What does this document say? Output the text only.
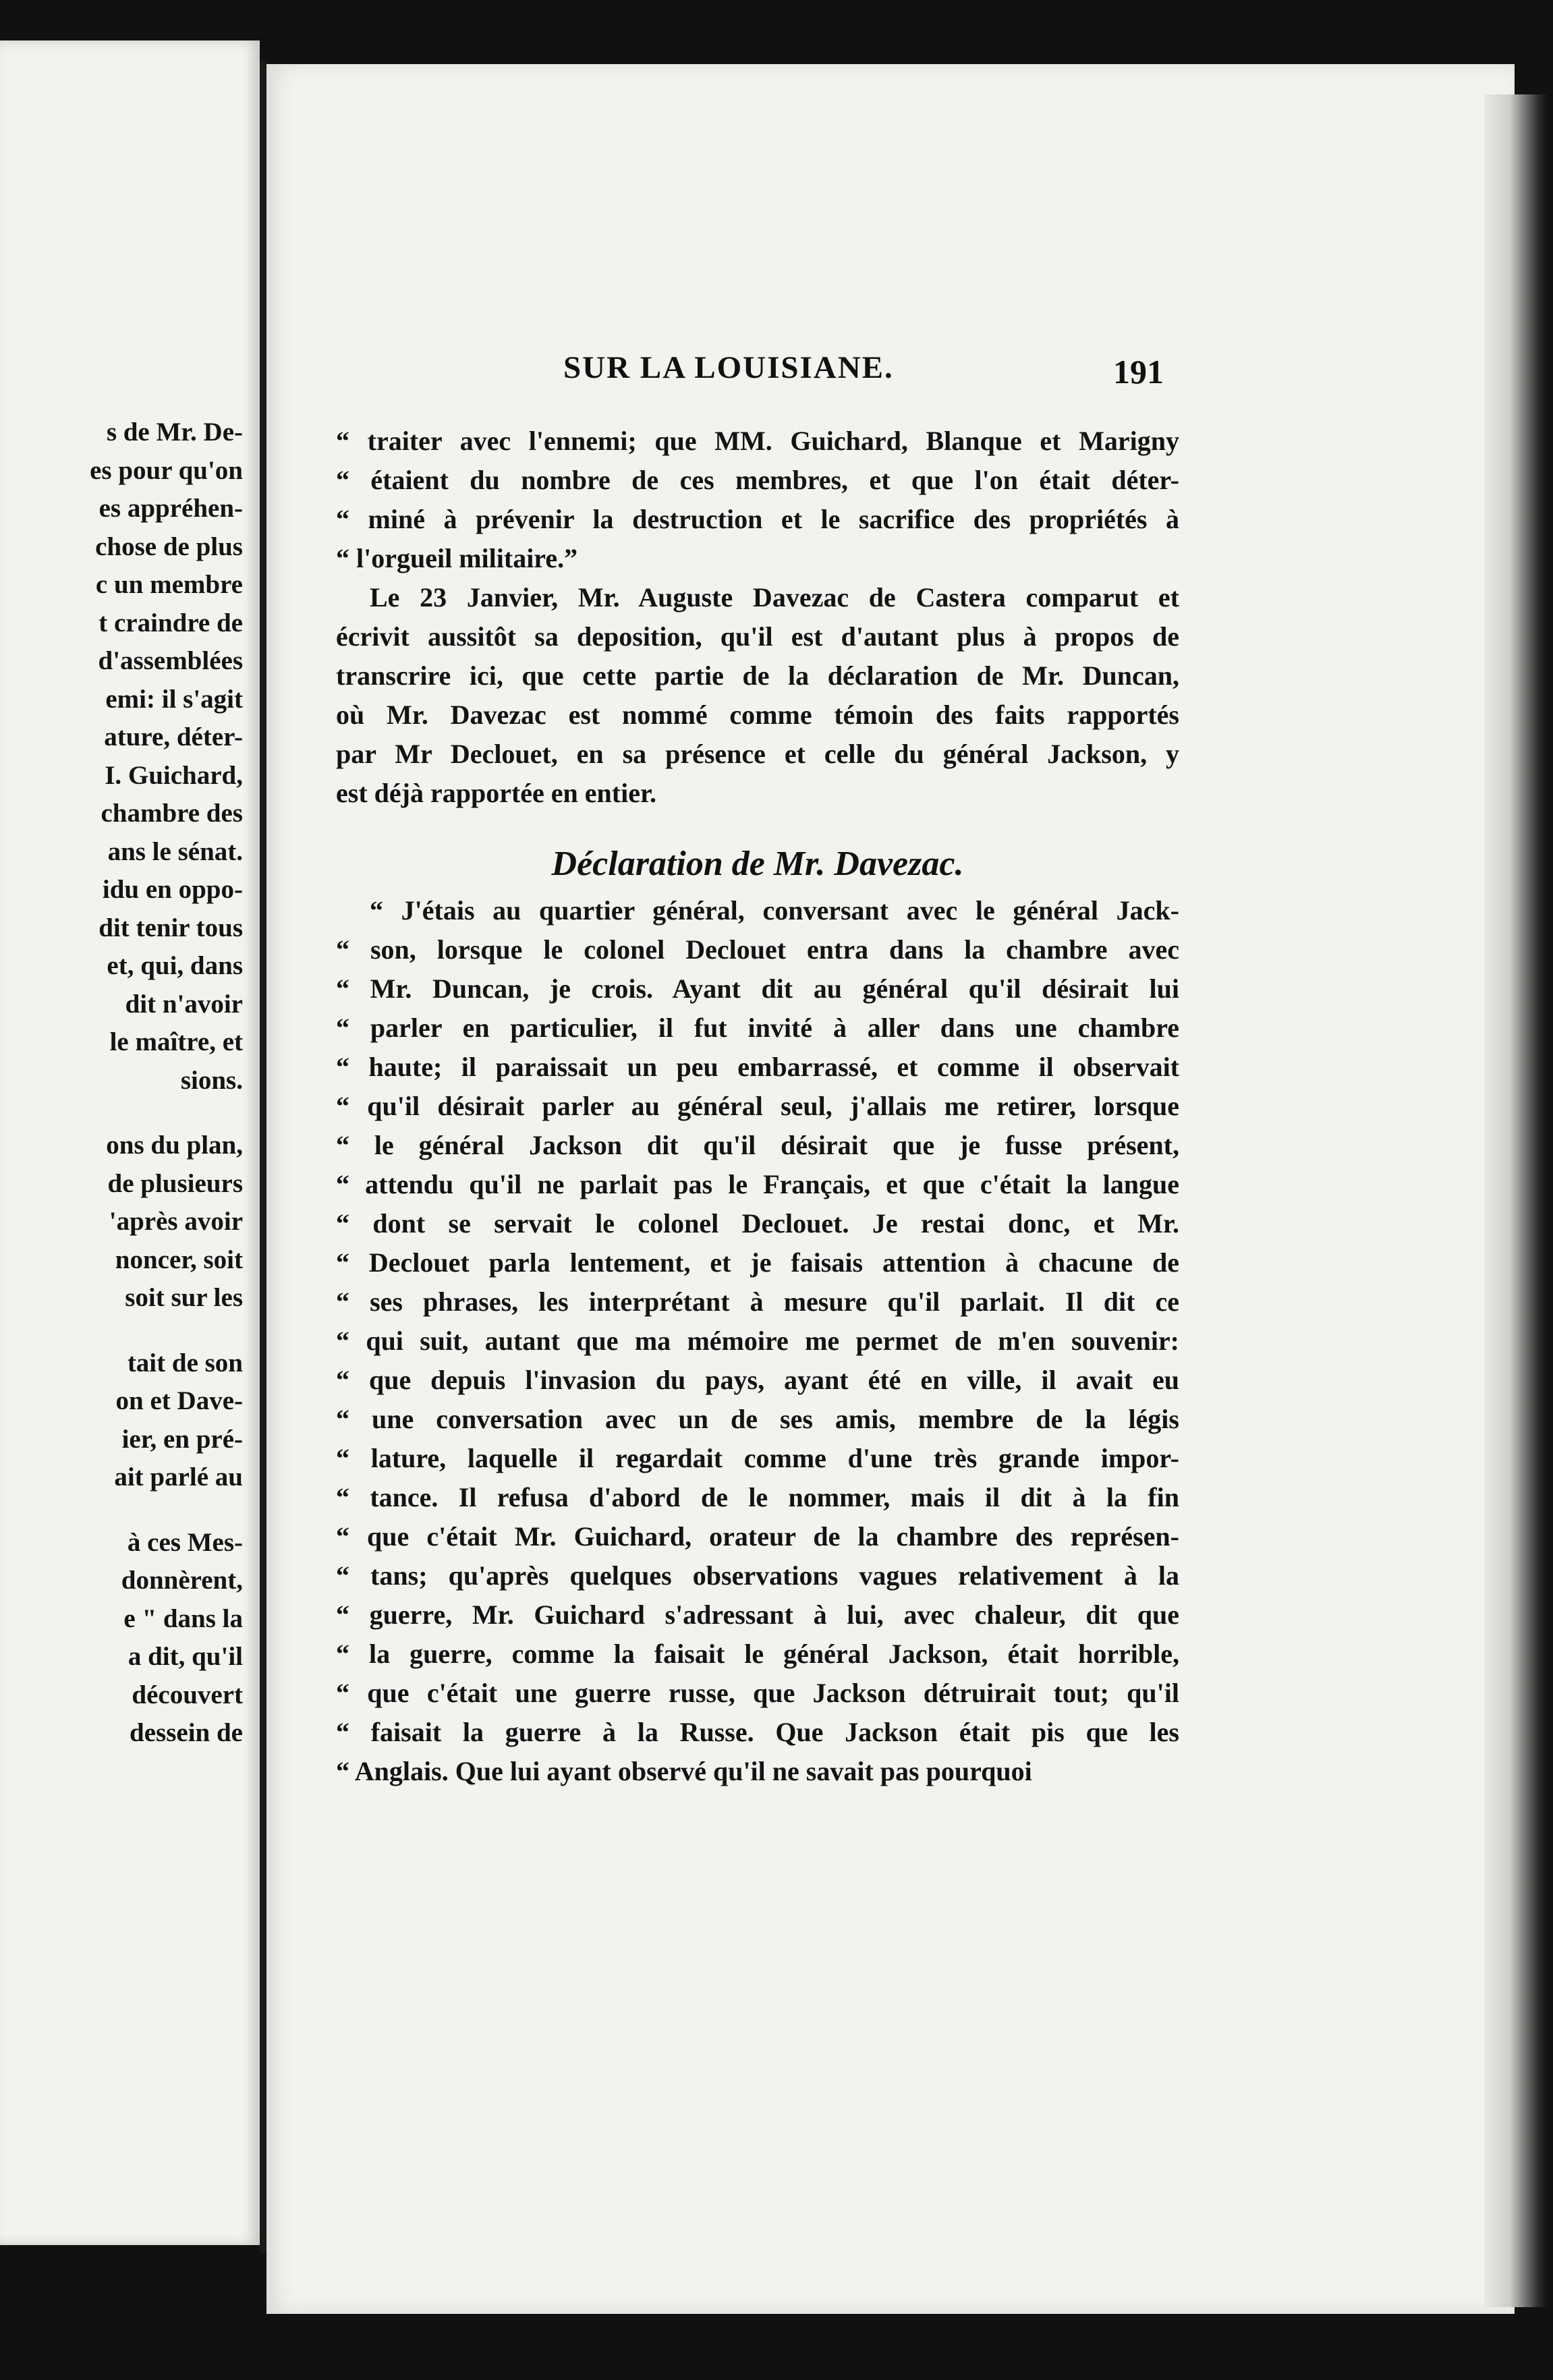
s de Mr. De-
es pour qu'on
es appréhen-
chose de plus
c un membre
t craindre de
d'assemblées
emi: il s'agit
ature, déter-
I. Guichard,
chambre des
ans le sénat.
idu en oppo-
dit tenir tous
et, qui, dans
dit n'avoir
le maître, et
sions.
ons du plan,
de plusieurs
'après avoir
noncer, soit
soit sur les
tait de son
on et Dave-
ier, en pré-
ait parlé au
à ces Mes-
donnèrent,
e " dans la
a dit, qu'il
découvert
dessein de
SUR LA LOUISIANE.	191
“ traiter avec l'ennemi; que MM. Guichard, Blanque et Marigny
“ étaient du nombre de ces membres, et que l'on était déter-
“ miné à prévenir la destruction et le sacrifice des propriétés à
“ l'orgueil militaire.”
Le 23 Janvier, Mr. Auguste Davezac de Castera comparut et
écrivit aussitôt sa deposition, qu'il est d'autant plus à propos de
transcrire ici, que cette partie de la déclaration de Mr. Duncan,
où Mr. Davezac est nommé comme témoin des faits rapportés
par Mr Declouet, en sa présence et celle du général Jackson, y
est déjà rapportée en entier.
Déclaration de Mr. Davezac.
“ J'étais au quartier général, conversant avec le général Jack-
“ son, lorsque le colonel Declouet entra dans la chambre avec
“ Mr. Duncan, je crois. Ayant dit au général qu'il désirait lui
“ parler en particulier, il fut invité à aller dans une chambre
“ haute; il paraissait un peu embarrassé, et comme il observait
“ qu'il désirait parler au général seul, j'allais me retirer, lorsque
“ le général Jackson dit qu'il désirait que je fusse présent,
“ attendu qu'il ne parlait pas le Français, et que c'était la langue
“ dont se servait le colonel Declouet. Je restai donc, et Mr.
“ Declouet parla lentement, et je faisais attention à chacune de
“ ses phrases, les interprétant à mesure qu'il parlait. Il dit ce
“ qui suit, autant que ma mémoire me permet de m'en souvenir:
“ que depuis l'invasion du pays, ayant été en ville, il avait eu
“ une conversation avec un de ses amis, membre de la légis
“ lature, laquelle il regardait comme d'une très grande impor-
“ tance. Il refusa d'abord de le nommer, mais il dit à la fin
“ que c'était Mr. Guichard, orateur de la chambre des représen-
“ tans; qu'après quelques observations vagues relativement à la
“ guerre, Mr. Guichard s'adressant à lui, avec chaleur, dit que
“ la guerre, comme la faisait le général Jackson, était horrible,
“ que c'était une guerre russe, que Jackson détruirait tout; qu'il
“ faisait la guerre à la Russe. Que Jackson était pis que les
“ Anglais. Que lui ayant observé qu'il ne savait pas pourquoi
